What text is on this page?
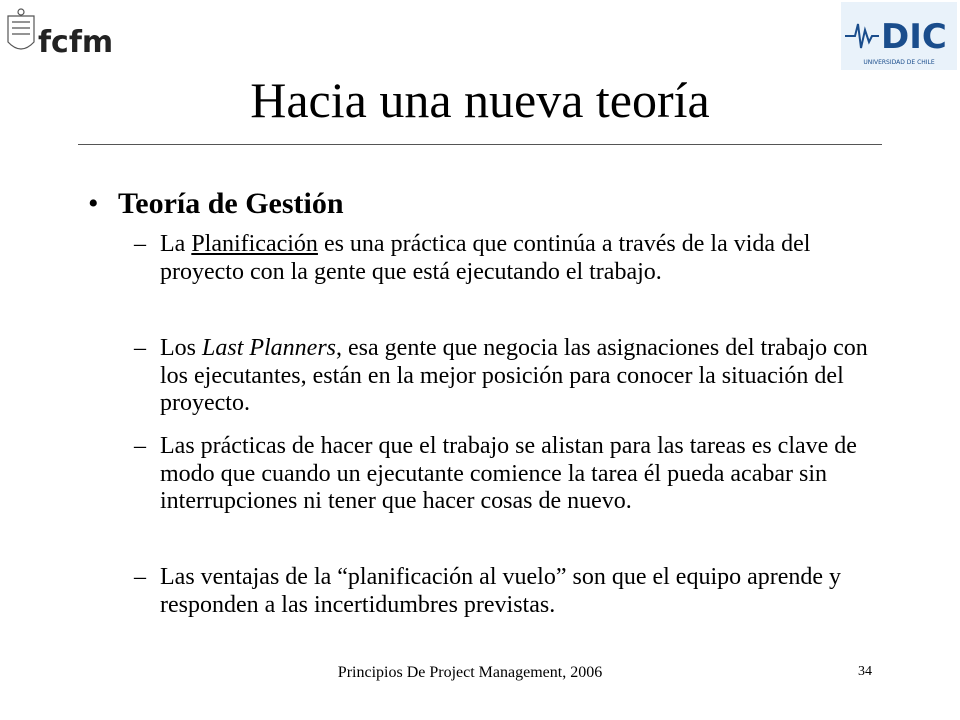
fcfm	DIC
UNIVERSIDAD DE CHILE
Hacia una nueva teoría
• Teoría de Gestión
– La Planificación es una práctica que continúa a través de la vida del proyecto con la gente que está ejecutando el trabajo.
– Los Last Planners, esa gente que negocia las asignaciones del trabajo con los ejecutantes, están en la mejor posición para conocer la situación del proyecto.
– Las prácticas de hacer que el trabajo se alistan para las tareas es clave de modo que cuando un ejecutante comience la tarea él pueda acabar sin interrupciones ni tener que hacer cosas de nuevo.
– Las ventajas de la “planificación al vuelo” son que el equipo aprende y responden a las incertidumbres previstas.
Principios De Project Management, 2006	34
